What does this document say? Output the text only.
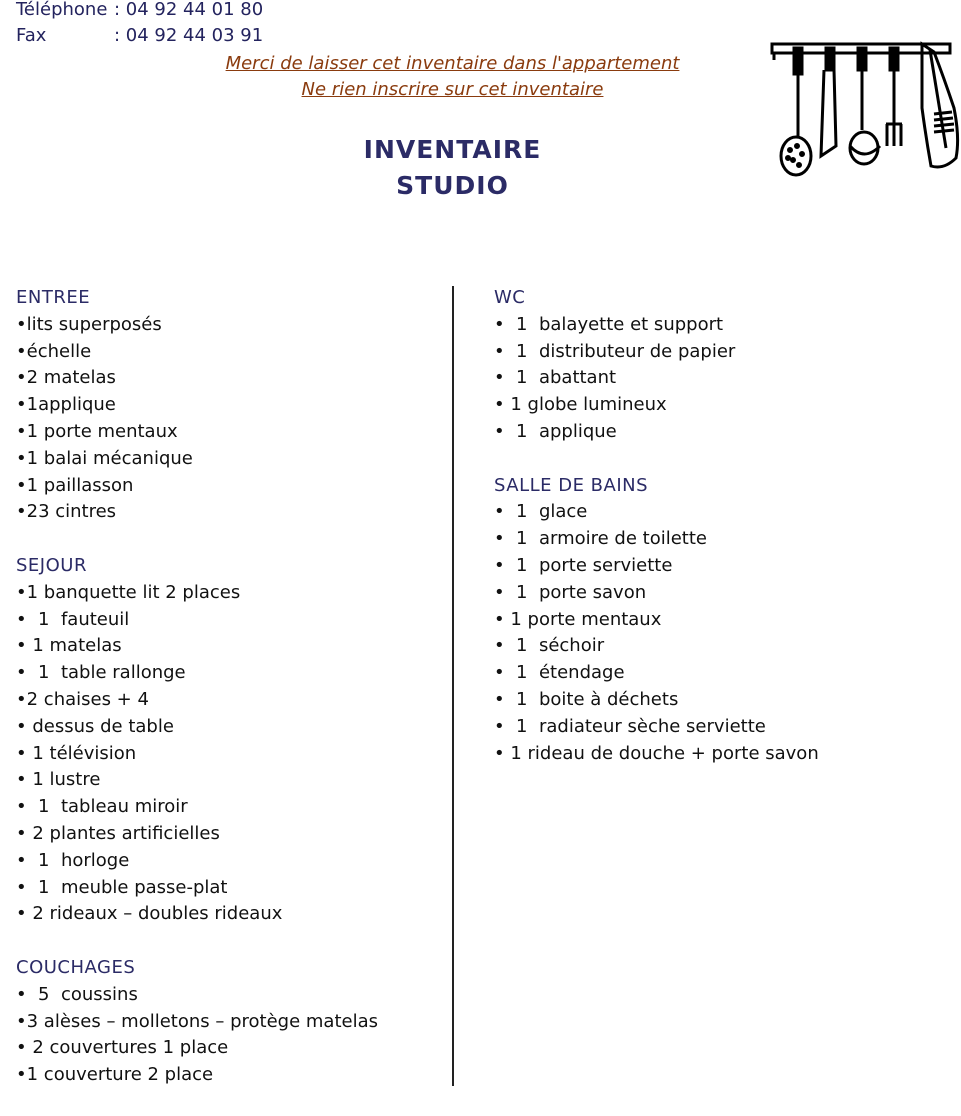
Téléphone : 04 92 44 01 80
Fax	: 04 92 44 03 91
Merci de laisser cet inventaire dans l'appartement
Ne rien inscrire sur cet inventaire
INVENTAIRE
STUDIO
ENTREE
•lits superposés
•échelle
•2 matelas
•1applique
•1 porte mentaux
•1 balai mécanique
•1 paillasson
•23 cintres
SEJOUR
•1 banquette lit 2 places
•  1  fauteuil
• 1 matelas
•  1  table rallonge
•2 chaises + 4
• dessus de table
• 1 télévision
• 1 lustre
•  1  tableau miroir
• 2 plantes artificielles
•  1  horloge
•  1  meuble passe-plat
• 2 rideaux – doubles rideaux
COUCHAGES
•  5  coussins
•3 alèses – molletons – protège matelas
• 2 couvertures 1 place
•1 couverture 2 place
WC
•  1  balayette et support
•  1  distributeur de papier
•  1  abattant
• 1 globe lumineux
•  1  applique
SALLE DE BAINS
•  1  glace
•  1  armoire de toilette
•  1  porte serviette
•  1  porte savon
• 1 porte mentaux
•  1  séchoir
•  1  étendage
•  1  boite à déchets
•  1  radiateur sèche serviette
• 1 rideau de douche + porte savon
